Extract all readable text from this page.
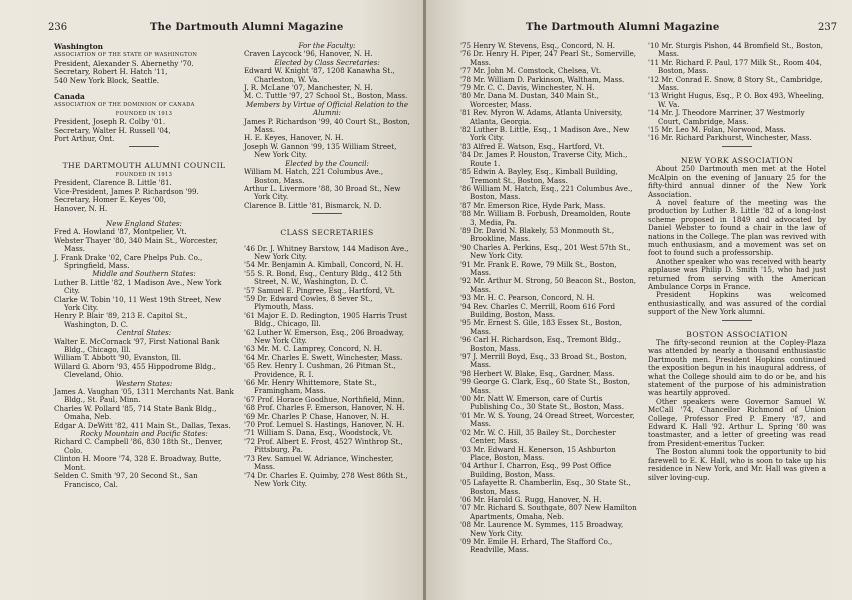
236	The Dartmouth Alumni Magazine
Washington
ASSOCIATION OF THE STATE OF WASHINGTON
President, Alexander S. Abernethy '70.
Secretary, Robert H. Hatch '11,
540 New York Block, Seattle.
Canada
ASSOCIATION OF THE DOMINION OF CANADA
FOUNDED IN 1913
President, Joseph R. Colby '01.
Secretary, Walter H. Russell '04,
Port Arthur, Ont.
THE DARTMOUTH ALUMNI COUNCIL
FOUNDED IN 1913
President, Clarence B. Little '81.
Vice-President, James P. Richardson '99.
Secretary, Homer E. Keyes '00,
Hanover, N. H.
New England States:
Fred A. Howland '87, Montpelier, Vt.
Webster Thayer '80, 340 Main St., Worcester, Mass.
J. Frank Drake '02, Care Phelps Pub. Co., Springfield, Mass.
Middle and Southern States:
Luther B. Little '82, 1 Madison Ave., New York City.
Clarke W. Tobin '10, 11 West 19th Street, New York City.
Henry P. Blair '89, 213 E. Capitol St., Washington, D. C.
Central States:
Walter E. McCornack '97, First National Bank Bldg., Chicago, Ill.
William T. Abbott '90, Evanston, Ill.
Willard G. Aborn '93, 455 Hippodrome Bldg., Cleveland, Ohio.
Western States:
James A. Vaughan '05, 1311 Merchants Nat. Bank Bldg., St. Paul, Minn.
Charles W. Pollard '85, 714 State Bank Bldg., Omaha, Neb.
Edgar A. DeWitt '82, 411 Main St., Dallas, Texas.
Rocky Mountain and Pacific States:
Richard C. Campbell '86, 830 18th St., Denver, Colo.
Clinton H. Moore '74, 328 E. Broadway, Butte, Mont.
Selden C. Smith '97, 20 Second St., San Francisco, Cal.
For the Faculty:
Craven Laycock '96, Hanover, N. H.
Elected by Class Secretaries:
Edward W. Knight '87, 1208 Kanawha St., Charleston, W. Va.
J. R. McLane '07, Manchester, N. H.
M. C. Tuttle '97, 27 School St., Boston, Mass.
Members by Virtue of Official Relation to the Alumni:
James P. Richardson '99, 40 Court St., Boston, Mass.
H. E. Keyes, Hanover, N. H.
Joseph W. Gannon '99, 135 William Street, New York City.
Elected by the Council:
William M. Hatch, 221 Columbus Ave., Boston, Mass.
Arthur L. Livermore '88, 30 Broad St., New York City.
Clarence B. Little '81, Bismarck, N. D.
CLASS SECRETARIES
'46 Dr. J. Whitney Barstow, 144 Madison Ave., New York City.
'54 Mr. Benjamin A. Kimball, Concord, N. H.
'55 S. R. Bond, Esq., Century Bldg., 412 5th Street, N. W., Washington, D. C.
'57 Samuel E. Pingree, Esq., Hartford, Vt.
'59 Dr. Edward Cowles, 8 Sever St., Plymouth, Mass.
'61 Major E. D. Redington, 1905 Harris Trust Bldg., Chicago, Ill.
'62 Luther W. Emerson, Esq., 206 Broadway, New York City.
'63 Mr. M. C. Lamprey, Concord, N. H.
'64 Mr. Charles E. Swett, Winchester, Mass.
'65 Rev. Henry I. Cushman, 26 Pitman St., Providence, R. I.
'66 Mr. Henry Whittemore, State St., Framingham, Mass.
'67 Prof. Horace Goodhue, Northfield, Minn.
'68 Prof. Charles F. Emerson, Hanover, N. H.
'69 Mr. Charles P. Chase, Hanover, N. H.
'70 Prof. Lemuel S. Hastings, Hanover, N. H.
'71 William S. Dana, Esq., Woodstock, Vt.
'72 Prof. Albert E. Frost, 4527 Winthrop St., Pittsburg, Pa.
'73 Rev. Samuel W. Adriance, Winchester, Mass.
'74 Dr. Charles E. Quimby, 278 West 86th St., New York City.
The Dartmouth Alumni Magazine	237
'75 Henry W. Stevens, Esq., Concord, N. H.
'76 Dr. Henry H. Piper, 247 Pearl St., Somerville, Mass.
'77 Mr. John M. Comstock, Chelsea, Vt.
'78 Mr. William D. Parkinson, Waltham, Mass.
'79 Mr. C. C. Davis, Winchester, N. H.
'80 Mr. Dana M. Dustan, 340 Main St., Worcester, Mass.
'81 Rev. Myron W. Adams, Atlanta University, Atlanta, Georgia.
'82 Luther B. Little, Esq., 1 Madison Ave., New York City.
'83 Alfred E. Watson, Esq., Hartford, Vt.
'84 Dr. James P. Houston, Traverse City, Mich., Route 1.
'85 Edwin A. Bayley, Esq., Kimball Building, Tremont St., Boston, Mass.
'86 William M. Hatch, Esq., 221 Columbus Ave., Boston, Mass.
'87 Mr. Emerson Rice, Hyde Park, Mass.
'88 Mr. William B. Forbush, Dreamolden, Route 3, Media, Pa.
'89 Dr. David N. Blakely, 53 Monmouth St., Brookline, Mass.
'90 Charles A. Perkins, Esq., 201 West 57th St., New York City.
'91 Mr. Frank E. Rowe, 79 Milk St., Boston, Mass.
'92 Mr. Arthur M. Strong, 50 Beacon St., Boston, Mass.
'93 Mr. H. C. Pearson, Concord, N. H.
'94 Rev. Charles C. Merrill, Room 616 Ford Building, Boston, Mass.
'95 Mr. Ernest S. Gile, 183 Essex St., Boston, Mass.
'96 Carl H. Richardson, Esq., Tremont Bldg., Boston, Mass.
'97 J. Merrill Boyd, Esq., 33 Broad St., Boston, Mass.
'98 Herbert W. Blake, Esq., Gardner, Mass.
'99 George G. Clark, Esq., 60 State St., Boston, Mass.
'00 Mr. Natt W. Emerson, care of Curtis Publishing Co., 30 State St., Boston, Mass.
'01 Mr. W. S. Young, 24 Oread Street, Worcester, Mass.
'02 Mr. W. C. Hill, 35 Bailey St., Dorchester Center, Mass.
'03 Mr. Edward H. Kenerson, 15 Ashburton Place, Boston, Mass.
'04 Arthur I. Charron, Esq., 99 Post Office Building, Boston, Mass.
'05 Lafayette R. Chamberlin, Esq., 30 State St., Boston, Mass.
'06 Mr. Harold G. Rugg, Hanover, N. H.
'07 Mr. Richard S. Southgate, 807 New Hamilton Apartments, Omaha, Neb.
'08 Mr. Laurence M. Symmes, 115 Broadway, New York City.
'09 Mr. Emile H. Erhard, The Stafford Co., Readville, Mass.
'10 Mr. Sturgis Pishon, 44 Bromfield St., Boston, Mass.
'11 Mr. Richard F. Paul, 177 Milk St., Room 404, Boston, Mass.
'12 Mr. Conrad E. Snow, 8 Story St., Cambridge, Mass.
'13 Wright Hugus, Esq., P. O. Box 493, Wheeling, W. Va.
'14 Mr. J. Theodore Marriner, 37 Westmorly Court, Cambridge, Mass.
'15 Mr. Leo M. Folan, Norwood, Mass.
'16 Mr. Richard Parkhurst, Winchester, Mass.
NEW YORK ASSOCIATION
About 250 Dartmouth men met at the Hotel McAlpin on the evening of January 25 for the fifty-third annual dinner of the New York Association.
A novel feature of the meeting was the production by Luther B. Little '82 of a long-lost scheme proposed in 1849 and advocated by Daniel Webster to found a chair in the law of nations in the College. The plan was revived with much enthusiasm, and a movement was set on foot to found such a professorship.
Another speaker who was received with hearty applause was Philip D. Smith '15, who had just returned from serving with the American Ambulance Corps in France.
President Hopkins was welcomed enthusiastically, and was assured of the cordial support of the New York alumni.
BOSTON ASSOCIATION
The fifty-second reunion at the Copley-Plaza was attended by nearly a thousand enthusiastic Dartmouth men. President Hopkins continued the exposition begun in his inaugural address, of what the College should aim to do or be, and his statement of the purpose of his administration was heartily approved.
Other speakers were Governor Samuel W. McCall '74, Chancellor Richmond of Union College, Professor Fred P. Emery '87, and Edward K. Hall '92. Arthur L. Spring '80 was toastmaster, and a letter of greeting was read from President-emeritus Tucker.
The Boston alumni took the opportunity to bid farewell to E. K. Hall, who is soon to take up his residence in New York, and Mr. Hall was given a silver loving-cup.
